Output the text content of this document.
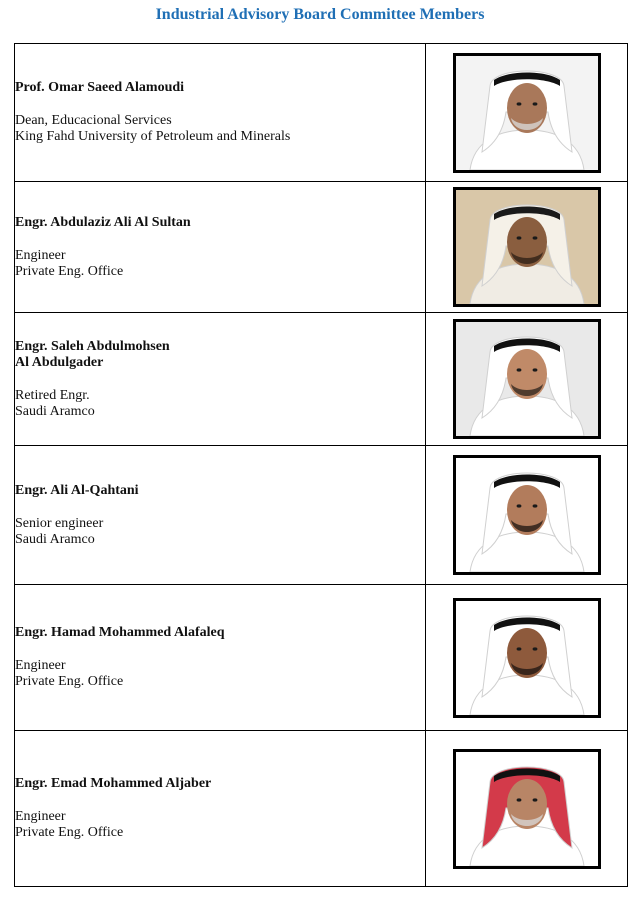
Industrial Advisory Board Committee Members

Prof. Omar Saeed Alamoudi

Dean, Educacional Services

King Fahd University of Petroleum and Minerals

Engr. Abdulaziz Ali Al Sultan

Engineer

Private Eng. Office

Engr. Saleh Abdulmohsen
Al Abdulgader

Retired Engr.

Saudi Aramco

Engr. Ali Al-Qahtani

Senior engineer

Saudi Aramco

Engr. Hamad Mohammed Alafaleq

Engineer

Private Eng. Office

Engr. Emad Mohammed Aljaber

Engineer

Private Eng. Office
